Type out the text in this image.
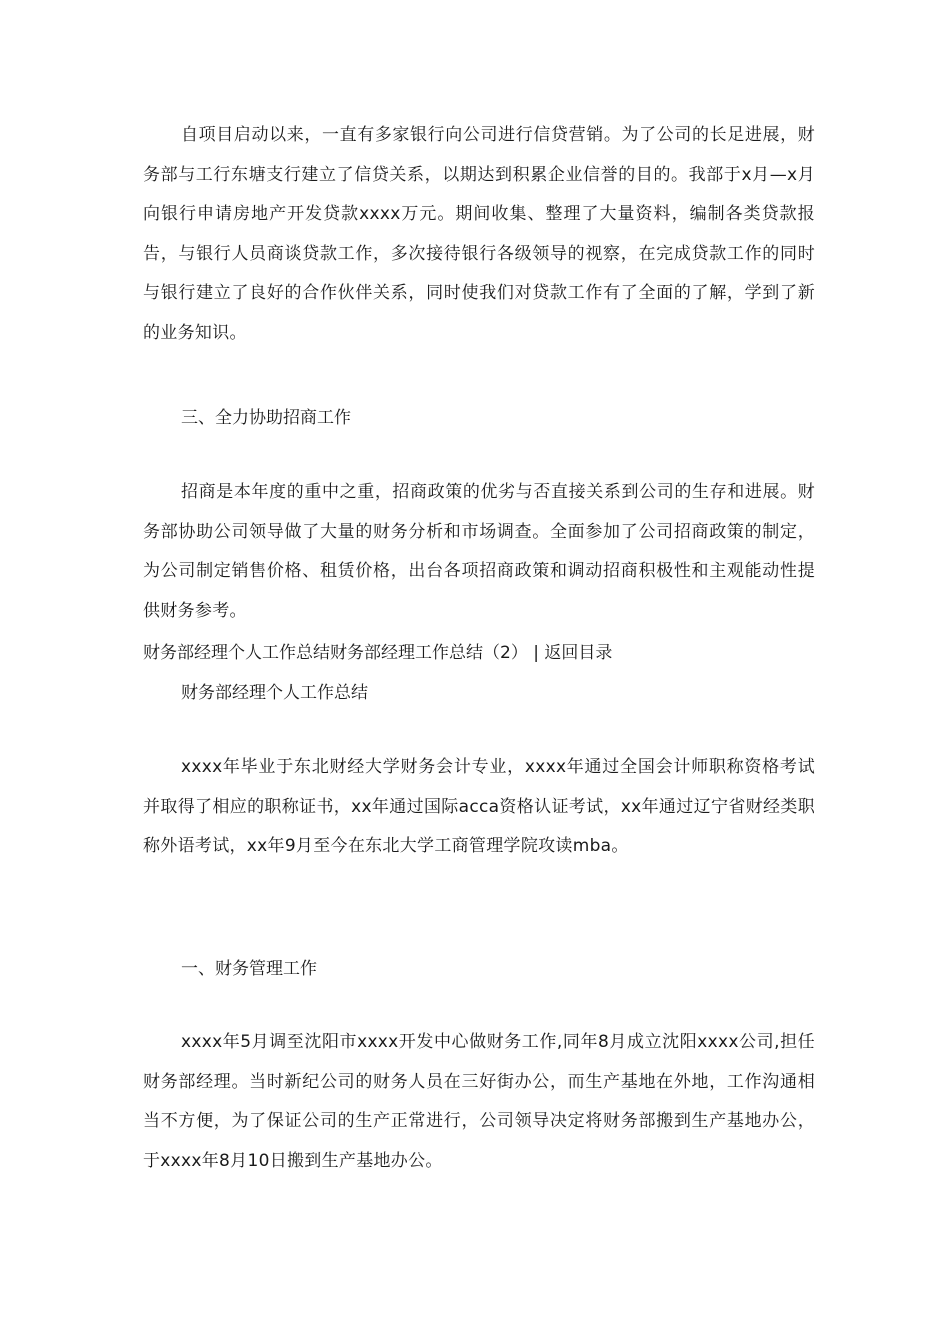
自项目启动以来，一直有多家银行向公司进行信贷营销。为了公司的长足进展，财务部与工行东塘支行建立了信贷关系，以期达到积累企业信誉的目的。我部于x月—x月向银行申请房地产开发贷款xxxx万元。期间收集、整理了大量资料，编制各类贷款报告，与银行人员商谈贷款工作，多次接待银行各级领导的视察，在完成贷款工作的同时与银行建立了良好的合作伙伴关系，同时使我们对贷款工作有了全面的了解，学到了新的业务知识。

三、全力协助招商工作

招商是本年度的重中之重，招商政策的优劣与否直接关系到公司的生存和进展。财务部协助公司领导做了大量的财务分析和市场调查。全面参加了公司招商政策的制定，为公司制定销售价格、租赁价格，出台各项招商政策和调动招商积极性和主观能动性提供财务参考。

财务部经理个人工作总结财务部经理工作总结（2） | 返回目录

财务部经理个人工作总结

xxxx年毕业于东北财经大学财务会计专业，xxxx年通过全国会计师职称资格考试并取得了相应的职称证书，xx年通过国际acca资格认证考试，xx年通过辽宁省财经类职称外语考试，xx年9月至今在东北大学工商管理学院攻读mba。

一、财务管理工作

xxxx年5月调至沈阳市xxxx开发中心做财务工作,同年8月成立沈阳xxxx公司,担任财务部经理。当时新纪公司的财务人员在三好街办公，而生产基地在外地，工作沟通相当不方便，为了保证公司的生产正常进行，公司领导决定将财务部搬到生产基地办公，于xxxx年8月10日搬到生产基地办公。
